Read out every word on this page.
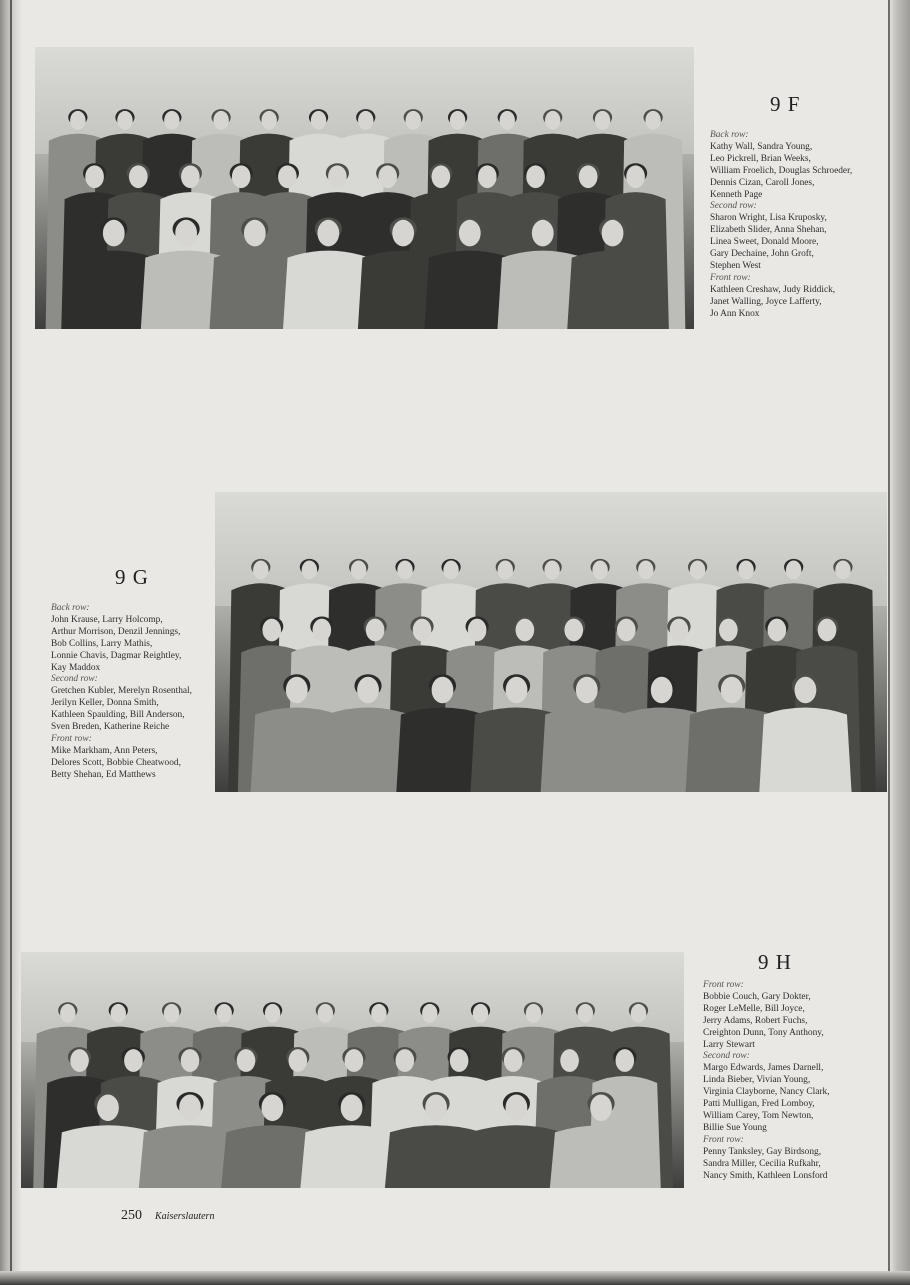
9 F
Back row:
Kathy Wall, Sandra Young,
Leo Pickrell, Brian Weeks,
William Froelich, Douglas Schroeder,
Dennis Cizan, Caroll Jones,
Kenneth Page
Second row:
Sharon Wright, Lisa Kruposky,
Elizabeth Slider, Anna Shehan,
Linea Sweet, Donald Moore,
Gary Dechaine, John Groft,
Stephen West
Front row:
Kathleen Creshaw, Judy Riddick,
Janet Walling, Joyce Lafferty,
Jo Ann Knox
9 G
Back row:
John Krause, Larry Holcomp,
Arthur Morrison, Denzil Jennings,
Bob Collins, Larry Mathis,
Lonnie Chavis, Dagmar Reightley,
Kay Maddox
Second row:
Gretchen Kubler, Merelyn Rosenthal,
Jerilyn Keller, Donna Smith,
Kathleen Spaulding, Bill Anderson,
Sven Breden, Katherine Reiche
Front row:
Mike Markham, Ann Peters,
Delores Scott, Bobbie Cheatwood,
Betty Shehan, Ed Matthews
9 H
Front row:
Bobbie Couch, Gary Dokter,
Roger LeMelle, Bill Joyce,
Jerry Adams, Robert Fuchs,
Creighton Dunn, Tony Anthony,
Larry Stewart
Second row:
Margo Edwards, James Darnell,
Linda Bieber, Vivian Young,
Virginia Clayborne, Nancy Clark,
Patti Mulligan, Fred Lomboy,
William Carey, Tom Newton,
Billie Sue Young
Front row:
Penny Tanksley, Gay Birdsong,
Sandra Miller, Cecilia Rufkahr,
Nancy Smith, Kathleen Lonsford
250 Kaiserslautern
